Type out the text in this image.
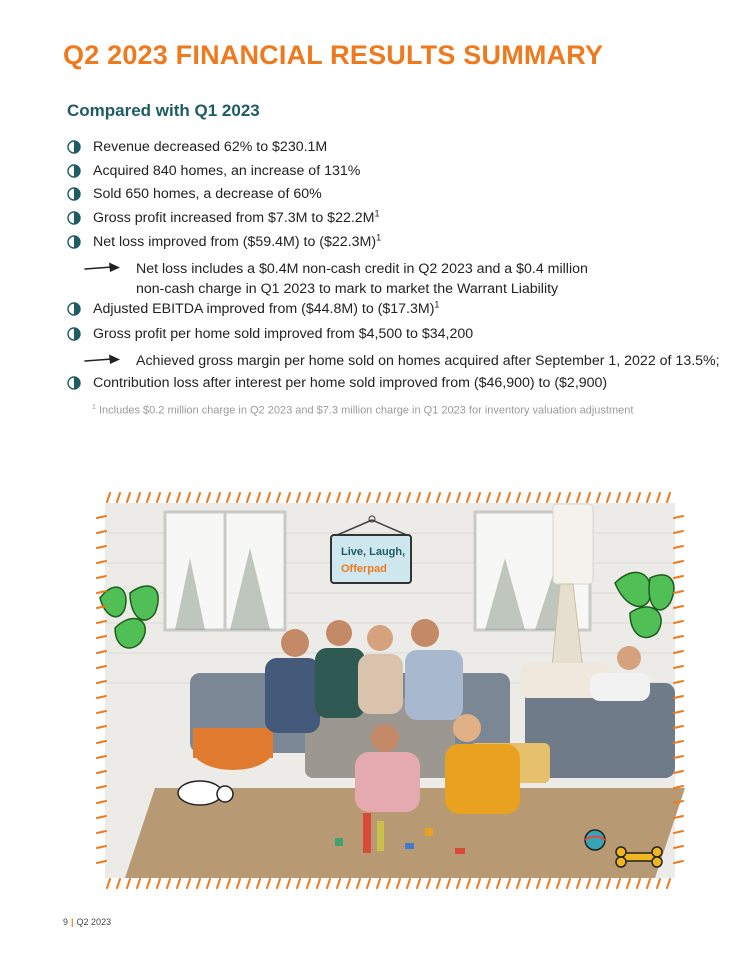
Q2 2023 FINANCIAL RESULTS SUMMARY
Compared with Q1 2023
Revenue decreased 62% to $230.1M
Acquired 840 homes, an increase of 131%
Sold 650 homes, a decrease of 60%
Gross profit increased from $7.3M to $\$22.2M^1$
Net loss improved from ($59.4M) to ($22.3M)$^1$
Net loss includes a $0.4M non-cash credit in Q2 2023 and a $0.4 million
non-cash charge in Q1 2023 to mark to market the Warrant Liability
Adjusted EBITDA improved from ($44.8M) to ($17.3M)$^1$
Gross profit per home sold improved from $4,500 to $34,200
Achieved gross margin per home sold on homes acquired after September 1, 2022 of 13.5%;
Contribution loss after interest per home sold improved from ($46,900) to ($2,900)
$^1$ Includes $0.2 million charge in Q2 2023 and $7.3 million charge in Q1 2023 for inventory valuation adjustment
Live, Laugh,
Offerpad
9 | Q2 2023
